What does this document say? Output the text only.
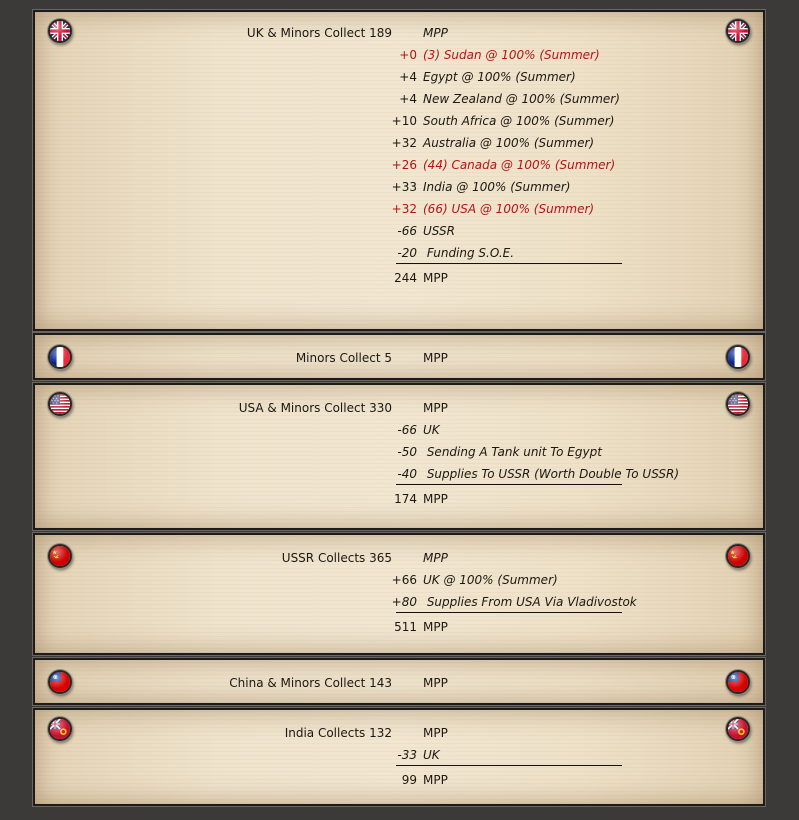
UK & Minors Collect 189	MPP
+0 (3) Sudan @ 100% (Summer)
+4 Egypt @ 100% (Summer)
+4 New Zealand @ 100% (Summer)
+10 South Africa @ 100% (Summer)
+32 Australia @ 100% (Summer)
+26 (44) Canada @ 100% (Summer)
+33 India @ 100% (Summer)
+32 (66) USA @ 100% (Summer)
-66 USSR
-20 Funding S.O.E.
244 MPP
Minors Collect 5	MPP
USA & Minors Collect 330	MPP
-66 UK
-50 Sending A Tank unit To Egypt
-40 Supplies To USSR (Worth Double To USSR)
174 MPP
USSR Collects 365	MPP
+66 UK @ 100% (Summer)
+80 Supplies From USA Via Vladivostok
511 MPP
China & Minors Collect 143	MPP
India Collects 132	MPP
-33 UK
99 MPP
